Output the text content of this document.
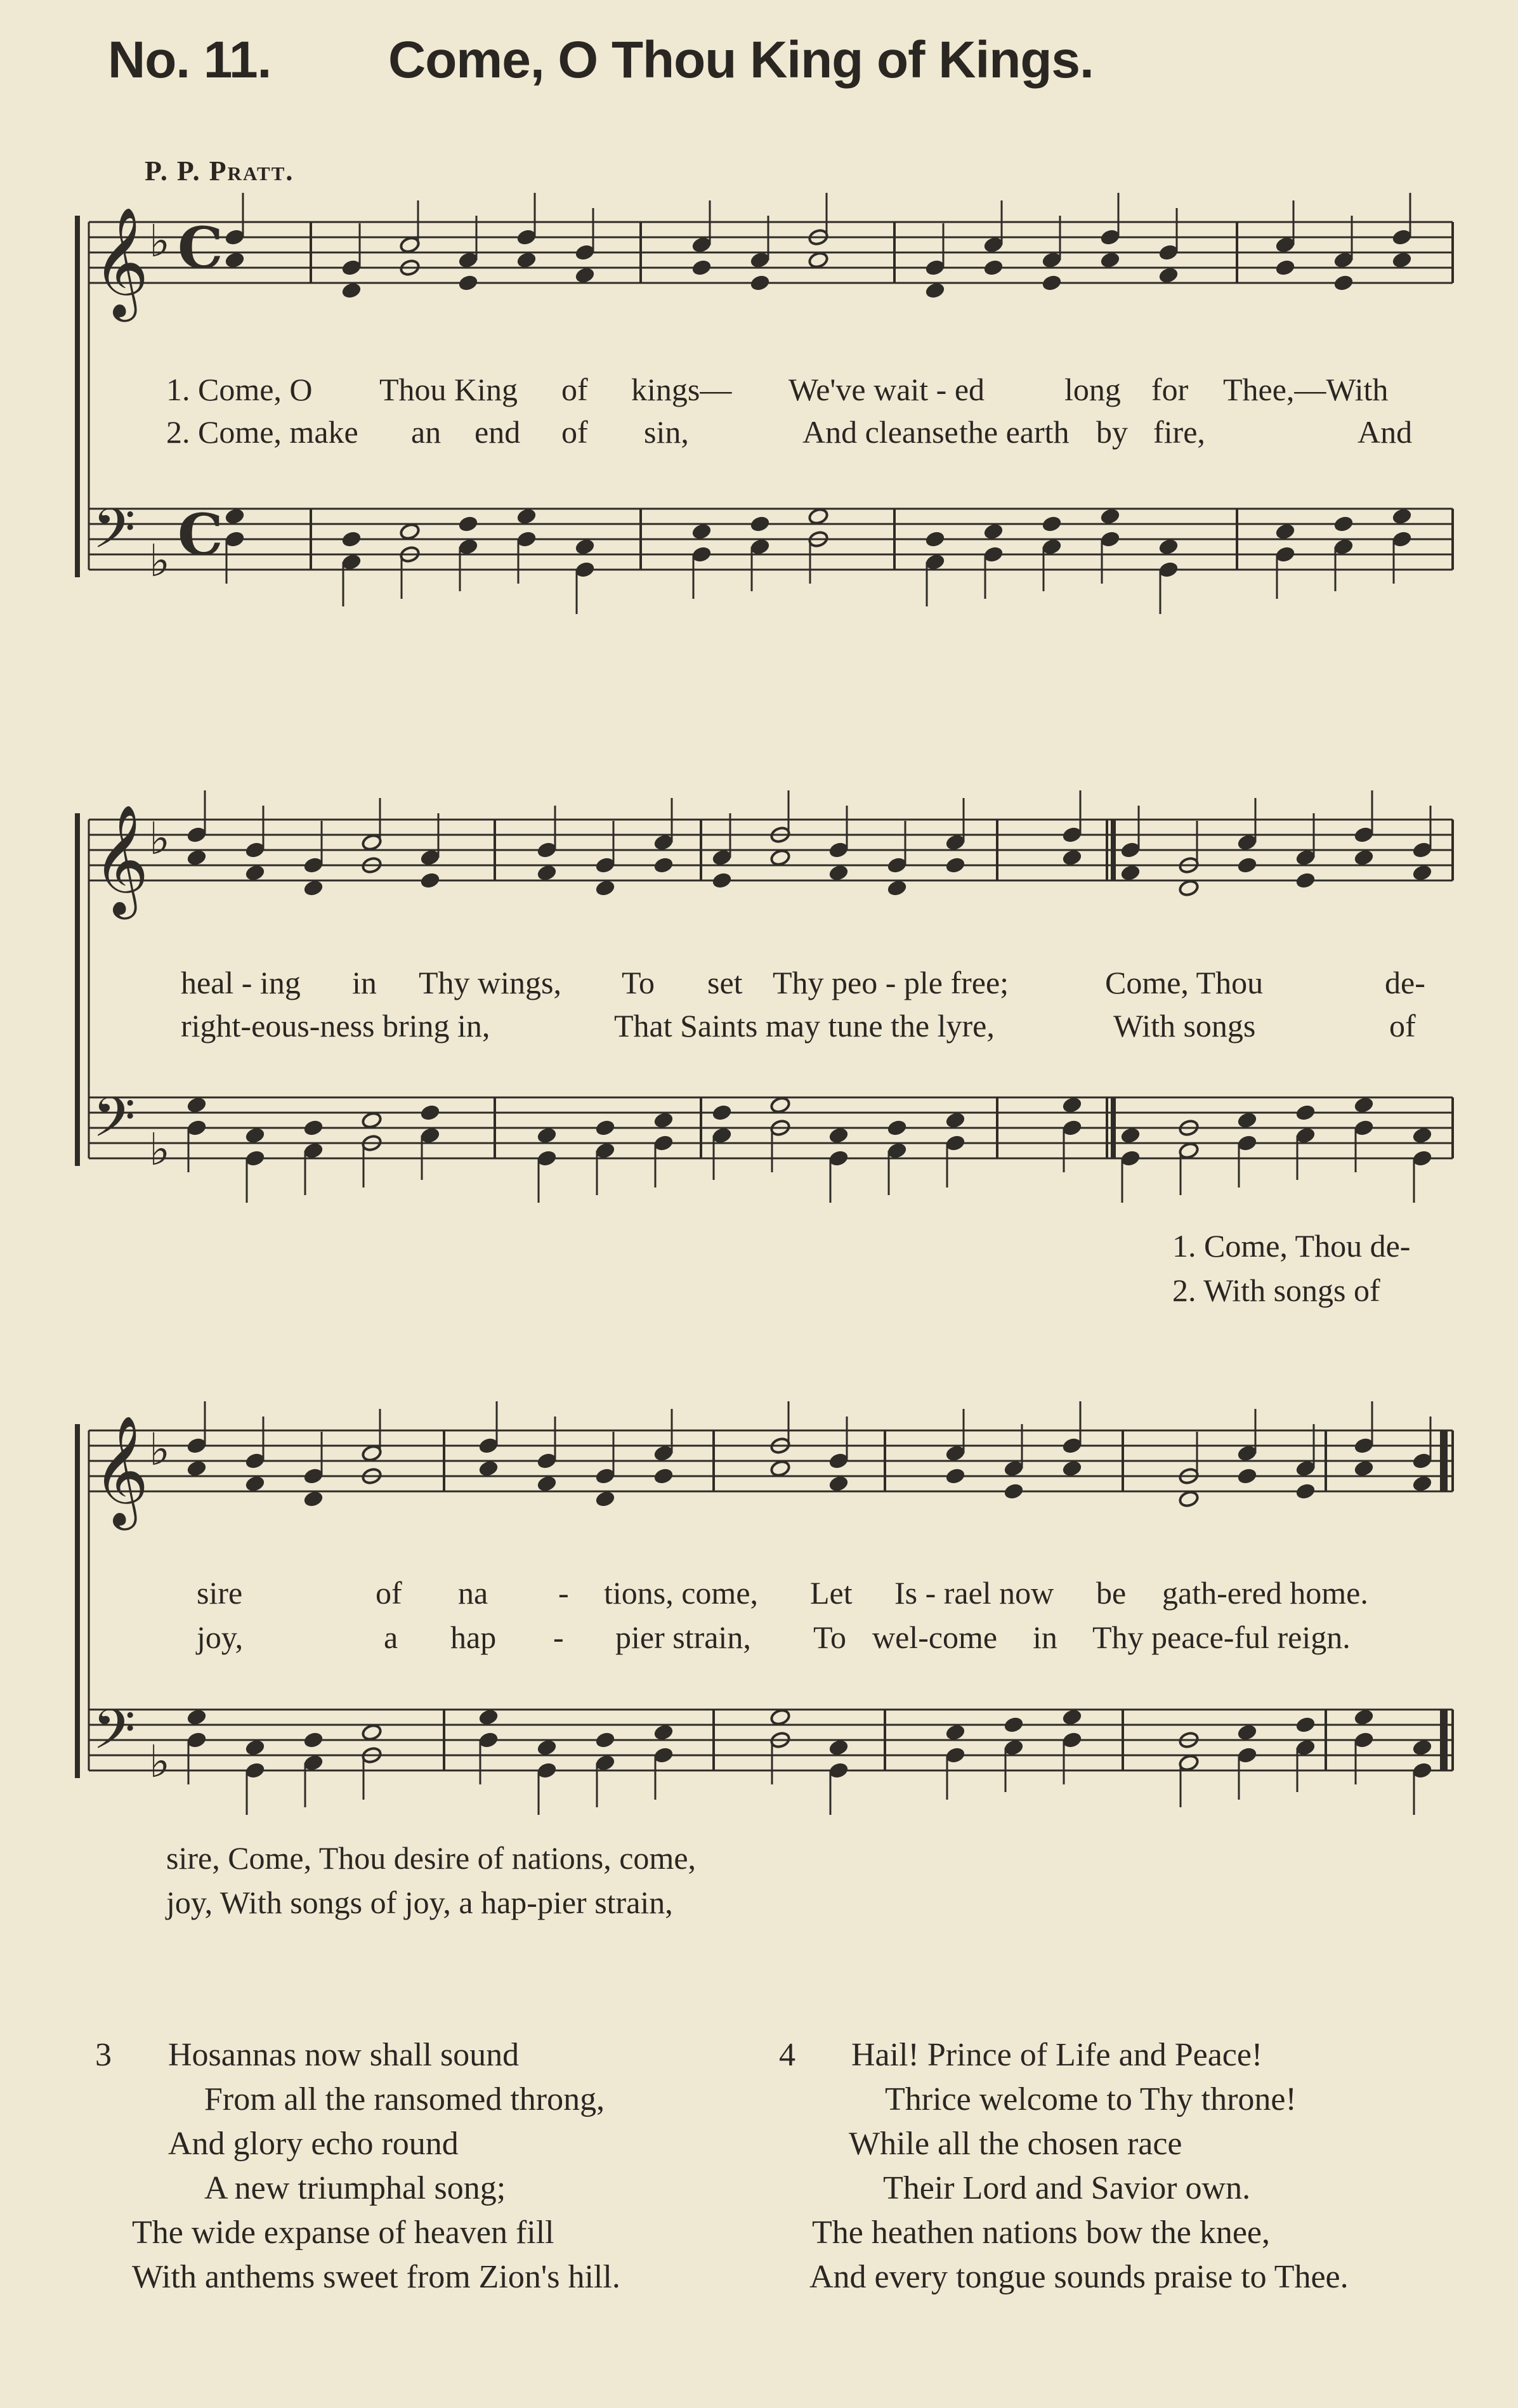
No. 11. Come, O Thou King of Kings.
P. P. Pratt.
𝄞
𝄢
♭
♭
C
C
𝄞
𝄢
♭
♭
𝄞
𝄢
♭
♭
1. Come, O Thou King of kings— We've wait - ed	long for Thee,—With
2. Come, make an end of sin,	And cleanse the earth by fire,	And
heal - ing in Thy wings, To set Thy peo - ple free;	Come, Thou	de-
right-eous-ness bring in,	That Saints may tune the lyre,	With songs	of
1. Come, Thou de-
2. With songs of
sire	of na - tions, come, Let Is - rael now be gath-ered home.
joy,	a hap - pier strain, To wel-come in Thy peace-ful reign.
sire, Come, Thou desire of nations, come,
joy, With songs of joy, a hap-pier strain,
3 Hosannas now shall sound
From all the ransomed throng,
And glory echo round
A new triumphal song;
The wide expanse of heaven fill
With anthems sweet from Zion's hill.
4 Hail! Prince of Life and Peace!
Thrice welcome to Thy throne!
While all the chosen race
Their Lord and Savior own.
The heathen nations bow the knee,
And every tongue sounds praise to Thee.
